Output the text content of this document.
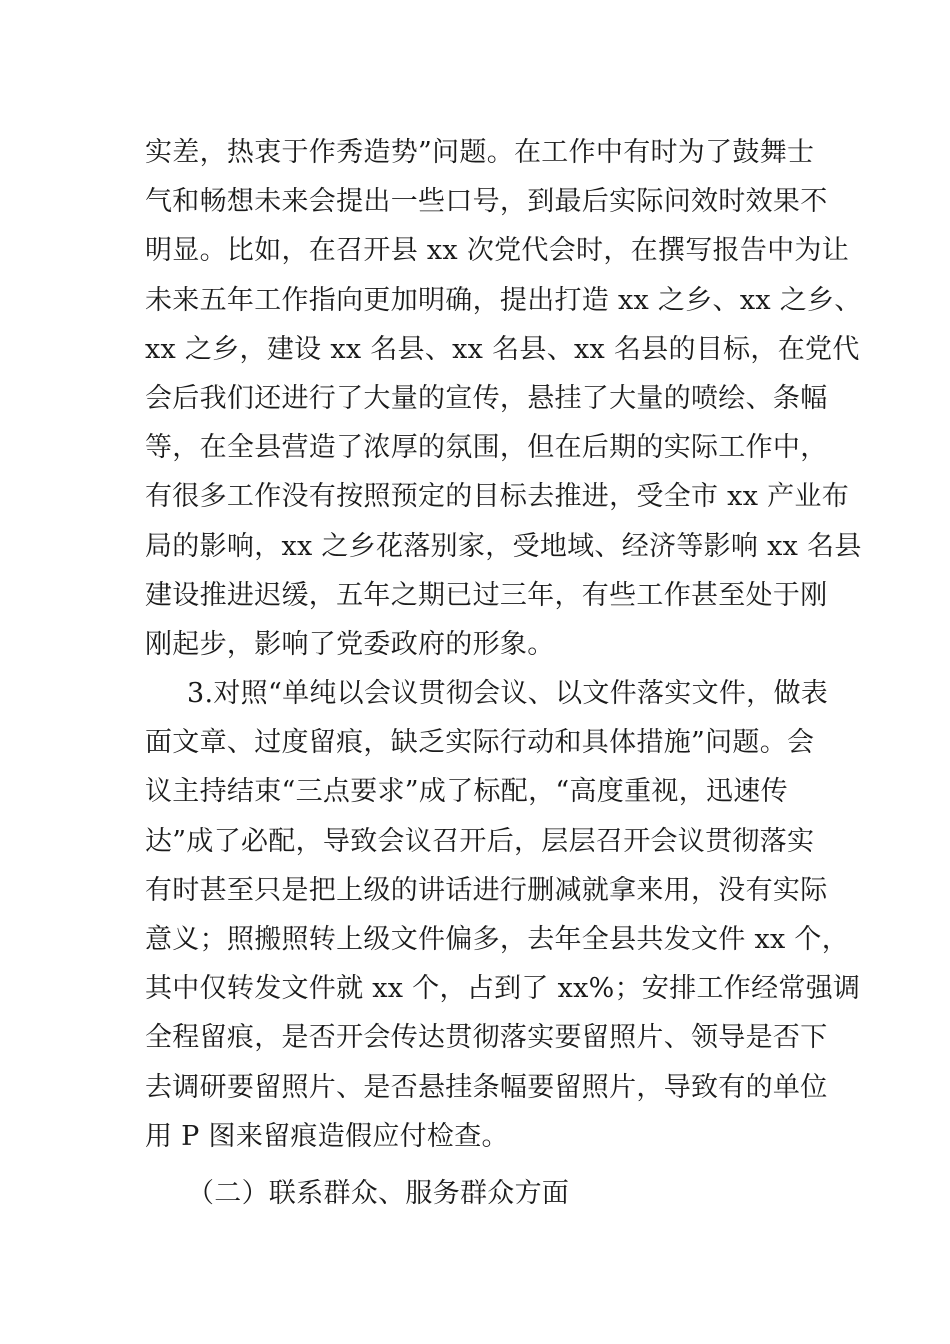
实差，热衷于作秀造势”问题。在工作中有时为了鼓舞士
气和畅想未来会提出一些口号，到最后实际问效时效果不
明显。比如，在召开县 xx 次党代会时，在撰写报告中为让
未来五年工作指向更加明确，提出打造 xx 之乡、xx 之乡、
xx 之乡，建设 xx 名县、xx 名县、xx 名县的目标，在党代
会后我们还进行了大量的宣传，悬挂了大量的喷绘、条幅
等，在全县营造了浓厚的氛围，但在后期的实际工作中，
有很多工作没有按照预定的目标去推进，受全市 xx 产业布
局的影响，xx 之乡花落别家，受地域、经济等影响 xx 名县
建设推进迟缓，五年之期已过三年，有些工作甚至处于刚
刚起步，影响了党委政府的形象。
3.对照“单纯以会议贯彻会议、以文件落实文件，做表
面文章、过度留痕，缺乏实际行动和具体措施”问题。会
议主持结束“三点要求”成了标配，“高度重视，迅速传
达”成了必配，导致会议召开后，层层召开会议贯彻落实
有时甚至只是把上级的讲话进行删减就拿来用，没有实际
意义；照搬照转上级文件偏多，去年全县共发文件 xx 个，
其中仅转发文件就 xx 个，占到了 xx%；安排工作经常强调
全程留痕，是否开会传达贯彻落实要留照片、领导是否下
去调研要留照片、是否悬挂条幅要留照片，导致有的单位
用 P 图来留痕造假应付检查。
（二）联系群众、服务群众方面
